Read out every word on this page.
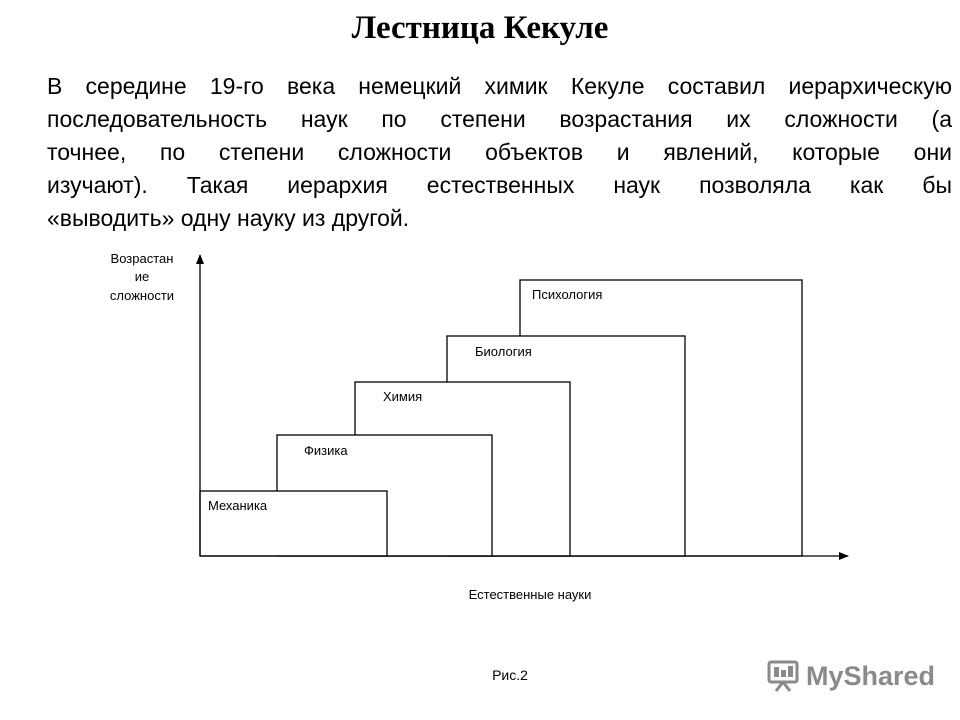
Лестница Кекуле
В середине 19-го века немецкий химик Кекуле составил иерархическую
последовательность наук по степени возрастания их сложности (а
точнее, по степени сложности объектов и явлений, которые они
изучают). Такая иерархия естественных наук позволяла как бы
«выводить» одну науку из другой.
Возрастан
ие
сложности
Механика
Физика
Химия
Биология
Психология
Естественные науки
Рис.2	MyShared
